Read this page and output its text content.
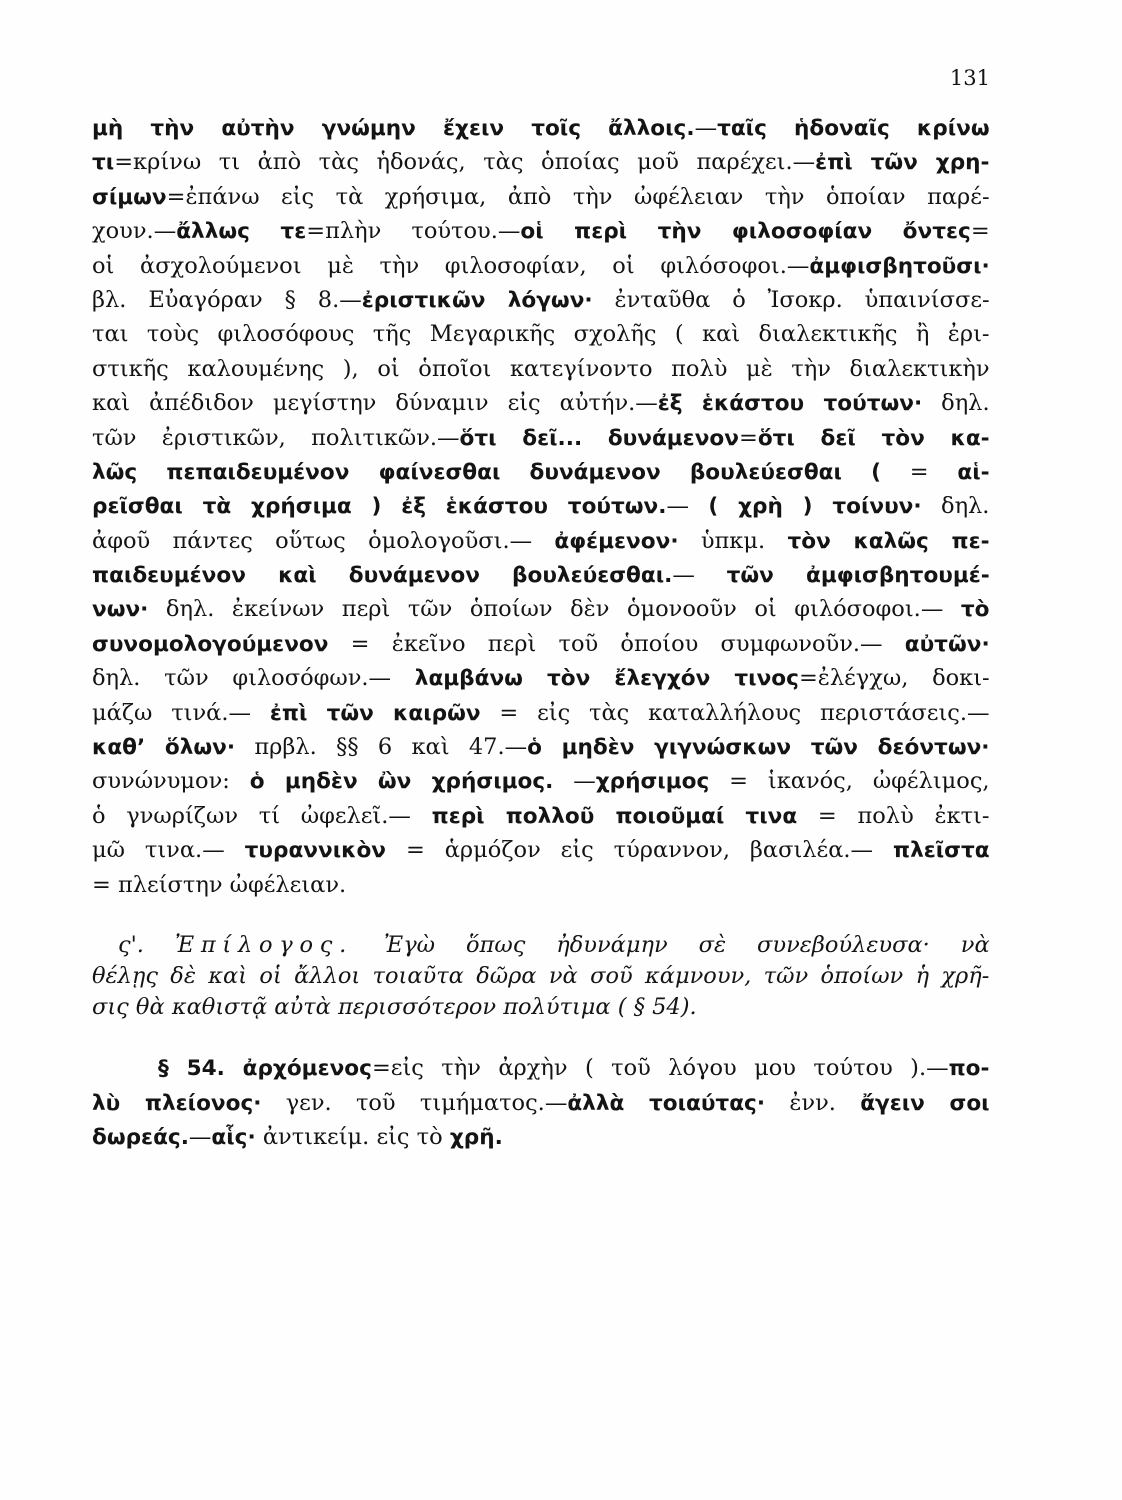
131
μὴ τὴν αὐτὴν γνώμην ἔχειν τοῖς ἄλλοις.—ταῖς ἡδοναῖς κρίνω
τι=κρίνω τι ἀπὸ τὰς ἡδονάς, τὰς ὁποίας μοῦ παρέχει.—ἐπὶ τῶν χρη-
σίμων=ἐπάνω εἰς τὰ χρήσιμα, ἀπὸ τὴν ὠφέλειαν τὴν ὁποίαν παρέ-
χουν.—ἄλλως τε=πλὴν τούτου.—οἱ περὶ τὴν φιλοσοφίαν ὄντες=
οἱ ἀσχολούμενοι μὲ τὴν φιλοσοφίαν, οἱ φιλόσοφοι.—ἀμφισβητοῦσι·
βλ. Εὐαγόραν § 8.—ἐριστικῶν λόγων· ἐνταῦθα ὁ Ἰσοκρ. ὑπαινίσσε-
ται τοὺς φιλοσόφους τῆς Μεγαρικῆς σχολῆς ( καὶ διαλεκτικῆς ἢ ἐρι-
στικῆς καλουμένης ), οἱ ὁποῖοι κατεγίνοντο πολὺ μὲ τὴν διαλεκτικὴν
καὶ ἀπέδιδον μεγίστην δύναμιν εἰς αὐτήν.—ἐξ ἑκάστου τούτων· δηλ.
τῶν ἐριστικῶν, πολιτικῶν.—ὅτι δεῖ... δυνάμενον=ὅτι δεῖ τὸν κα-
λῶς πεπαιδευμένον φαίνεσθαι δυνάμενον βουλεύεσθαι ( = αἱ-
ρεῖσθαι τὰ χρήσιμα ) ἐξ ἑκάστου τούτων.— ( χρὴ ) τοίνυν· δηλ.
ἀφοῦ πάντες οὕτως ὁμολογοῦσι.— ἀφέμενον· ὑπκμ. τὸν καλῶς πε-
παιδευμένον καὶ δυνάμενον βουλεύεσθαι.— τῶν ἀμφισβητουμέ-
νων· δηλ. ἐκείνων περὶ τῶν ὁποίων δὲν ὁμονοοῦν οἱ φιλόσοφοι.— τὸ
συνομολογούμενον = ἐκεῖνο περὶ τοῦ ὁποίου συμφωνοῦν.— αὐτῶν·
δηλ. τῶν φιλοσόφων.— λαμβάνω τὸν ἔλεγχόν τινος=ἐλέγχω, δοκι-
μάζω τινά.— ἐπὶ τῶν καιρῶν = εἰς τὰς καταλλήλους περιστάσεις.—
καθ’ ὅλων· πρβλ. §§ 6 καὶ 47.—ὁ μηδὲν γιγνώσκων τῶν δεόντων·
συνώνυμον: ὁ μηδὲν ὢν χρήσιμος. —χρήσιμος = ἱκανός, ὠφέλιμος,
ὁ γνωρίζων τί ὠφελεῖ.— περὶ πολλοῦ ποιοῦμαί τινα = πολὺ ἐκτι-
μῶ τινα.— τυραννικὸν = ἁρμόζον εἰς τύραννον, βασιλέα.— πλεῖστα
= πλείστην ὠφέλειαν.
ς'. Ἐπίλογος. Ἐγὼ ὅπως ἠδυνάμην σὲ συνεβούλευσα· νὰ
θέλῃς δὲ καὶ οἱ ἄλλοι τοιαῦτα δῶρα νὰ σοῦ κάμνουν, τῶν ὁποίων ἡ χρῆ-
σις θὰ καθιστᾷ αὐτὰ περισσότερον πολύτιμα ( § 54).
§ 54. ἀρχόμενος=εἰς τὴν ἀρχὴν ( τοῦ λόγου μου τούτου ).—πο-
λὺ πλείονος· γεν. τοῦ τιμήματος.—ἀλλὰ τοιαύτας· ἐνν. ἄγειν σοι
δωρεάς.—αἷς· ἀντικείμ. εἰς τὸ χρῆ.
